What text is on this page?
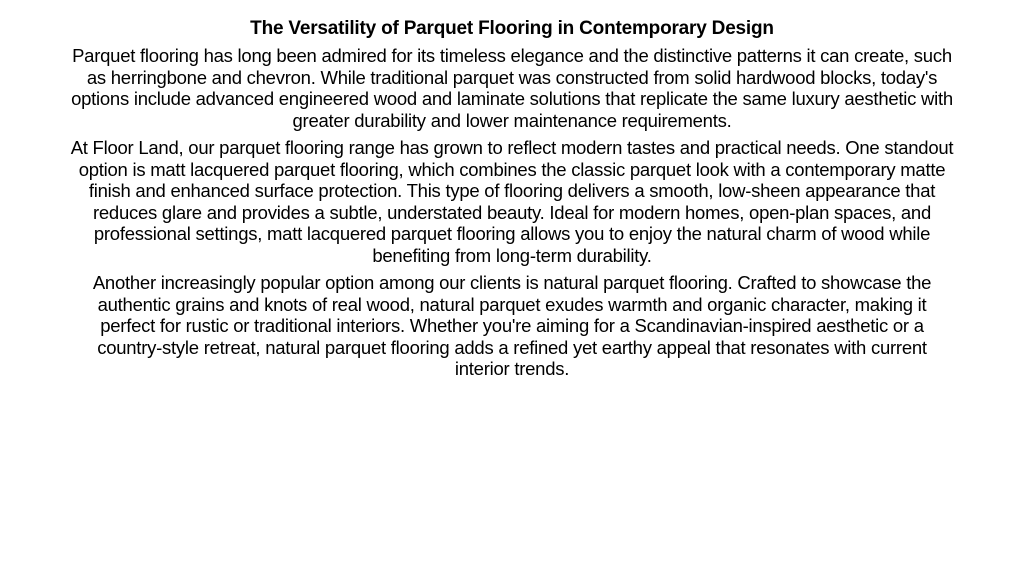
The Versatility of Parquet Flooring in Contemporary Design

Parquet flooring has long been admired for its timeless elegance and the distinctive patterns it can create, such as herringbone and chevron. While traditional parquet was constructed from solid hardwood blocks, today's options include advanced engineered wood and laminate solutions that replicate the same luxury aesthetic with greater durability and lower maintenance requirements.

At Floor Land, our parquet flooring range has grown to reflect modern tastes and practical needs. One standout option is matt lacquered parquet flooring, which combines the classic parquet look with a contemporary matte finish and enhanced surface protection. This type of flooring delivers a smooth, low-sheen appearance that reduces glare and provides a subtle, understated beauty. Ideal for modern homes, open-plan spaces, and professional settings, matt lacquered parquet flooring allows you to enjoy the natural charm of wood while benefiting from long-term durability.

Another increasingly popular option among our clients is natural parquet flooring. Crafted to showcase the authentic grains and knots of real wood, natural parquet exudes warmth and organic character, making it perfect for rustic or traditional interiors. Whether you're aiming for a Scandinavian-inspired aesthetic or a country-style retreat, natural parquet flooring adds a refined yet earthy appeal that resonates with current interior trends.
